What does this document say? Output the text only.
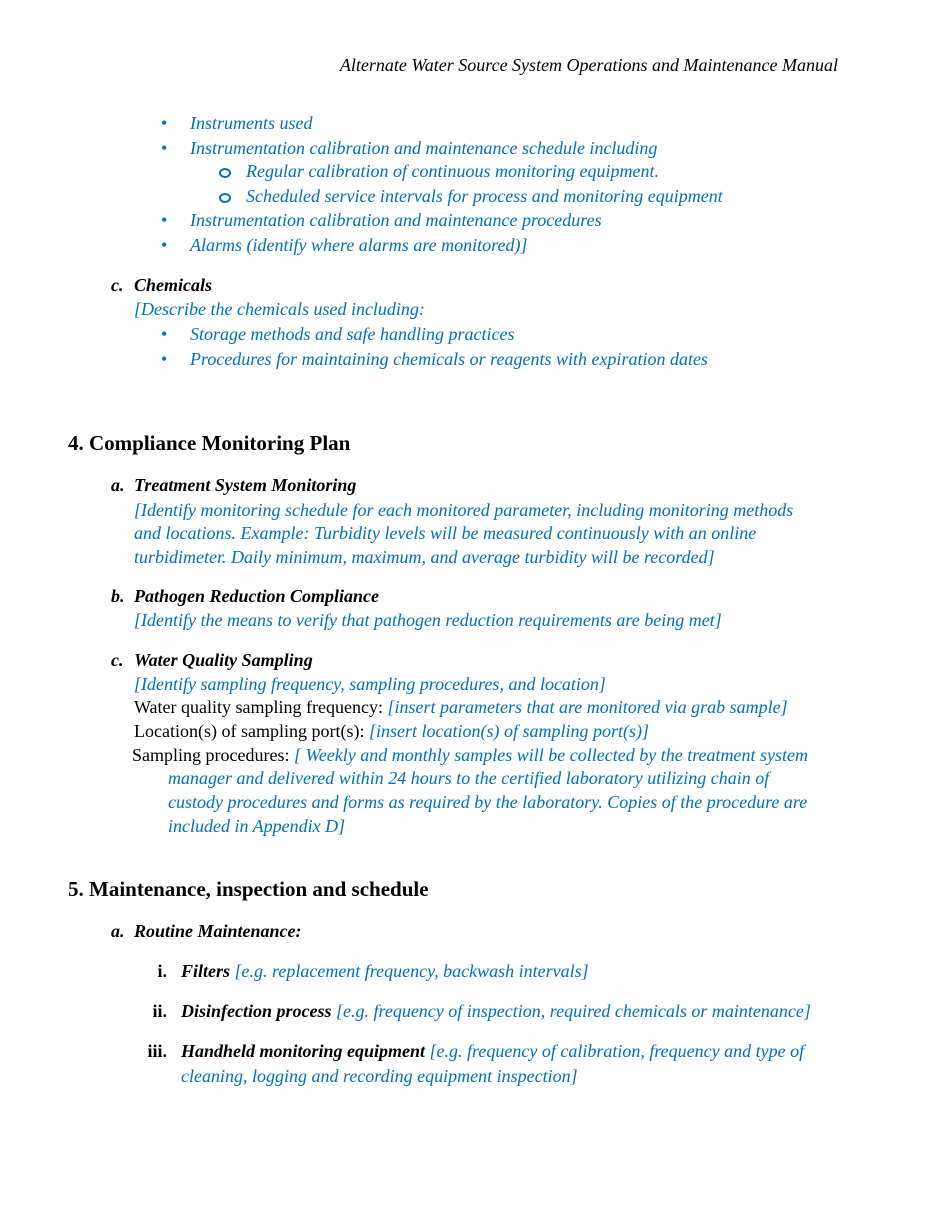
Alternate Water Source System Operations and Maintenance Manual
• Instruments used
• Instrumentation calibration and maintenance schedule including
Regular calibration of continuous monitoring equipment.
Scheduled service intervals for process and monitoring equipment
• Instrumentation calibration and maintenance procedures
• Alarms (identify where alarms are monitored)]
c. Chemicals
[Describe the chemicals used including:
• Storage methods and safe handling practices
• Procedures for maintaining chemicals or reagents with expiration dates
4. Compliance Monitoring Plan
a. Treatment System Monitoring
[Identify monitoring schedule for each monitored parameter, including monitoring methods
and locations. Example: Turbidity levels will be measured continuously with an online
turbidimeter. Daily minimum, maximum, and average turbidity will be recorded]
b. Pathogen Reduction Compliance
[Identify the means to verify that pathogen reduction requirements are being met]
c. Water Quality Sampling
[Identify sampling frequency, sampling procedures, and location]
Water quality sampling frequency: [insert parameters that are monitored via grab sample]
Location(s) of sampling port(s): [insert location(s) of sampling port(s)]
Sampling procedures: [ Weekly and monthly samples will be collected by the treatment system
manager and delivered within 24 hours to the certified laboratory utilizing chain of
custody procedures and forms as required by the laboratory. Copies of the procedure are
included in Appendix D]
5. Maintenance, inspection and schedule
a. Routine Maintenance:
i. Filters [e.g. replacement frequency, backwash intervals]
ii. Disinfection process [e.g. frequency of inspection, required chemicals or maintenance]
iii. Handheld monitoring equipment [e.g. frequency of calibration, frequency and type of
cleaning, logging and recording equipment inspection]
